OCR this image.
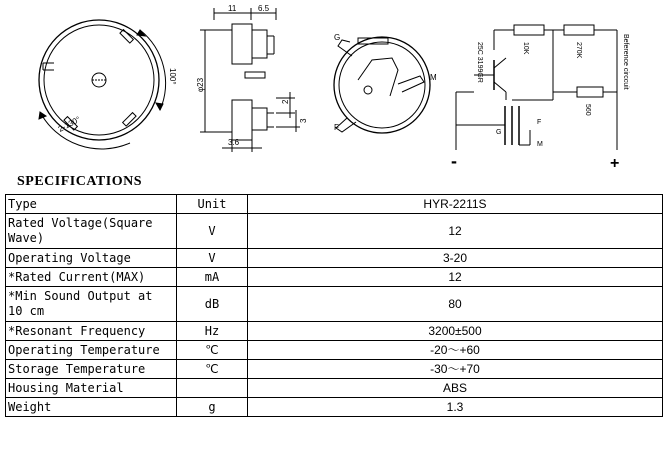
2-130°
100°
11	6.5
φ23
2
3
3.6
G
M
F
25C 3199GR	10K	270K
560
Beference circcuit
G
F
M
-	+
SPECIFICATIONS
Type	Unit	HYR-2211S
Rated Voltage(Square Wave)	V	12
Operating Voltage	V	3-20
*Rated Current(MAX)	mA	12
*Min Sound Output at 10 cm	dB	80
*Resonant Frequency	Hz	3200±500
Operating Temperature	℃	-20～+60
Storage Temperature	℃	-30～+70
Housing Material		ABS
Weight	g	1.3
